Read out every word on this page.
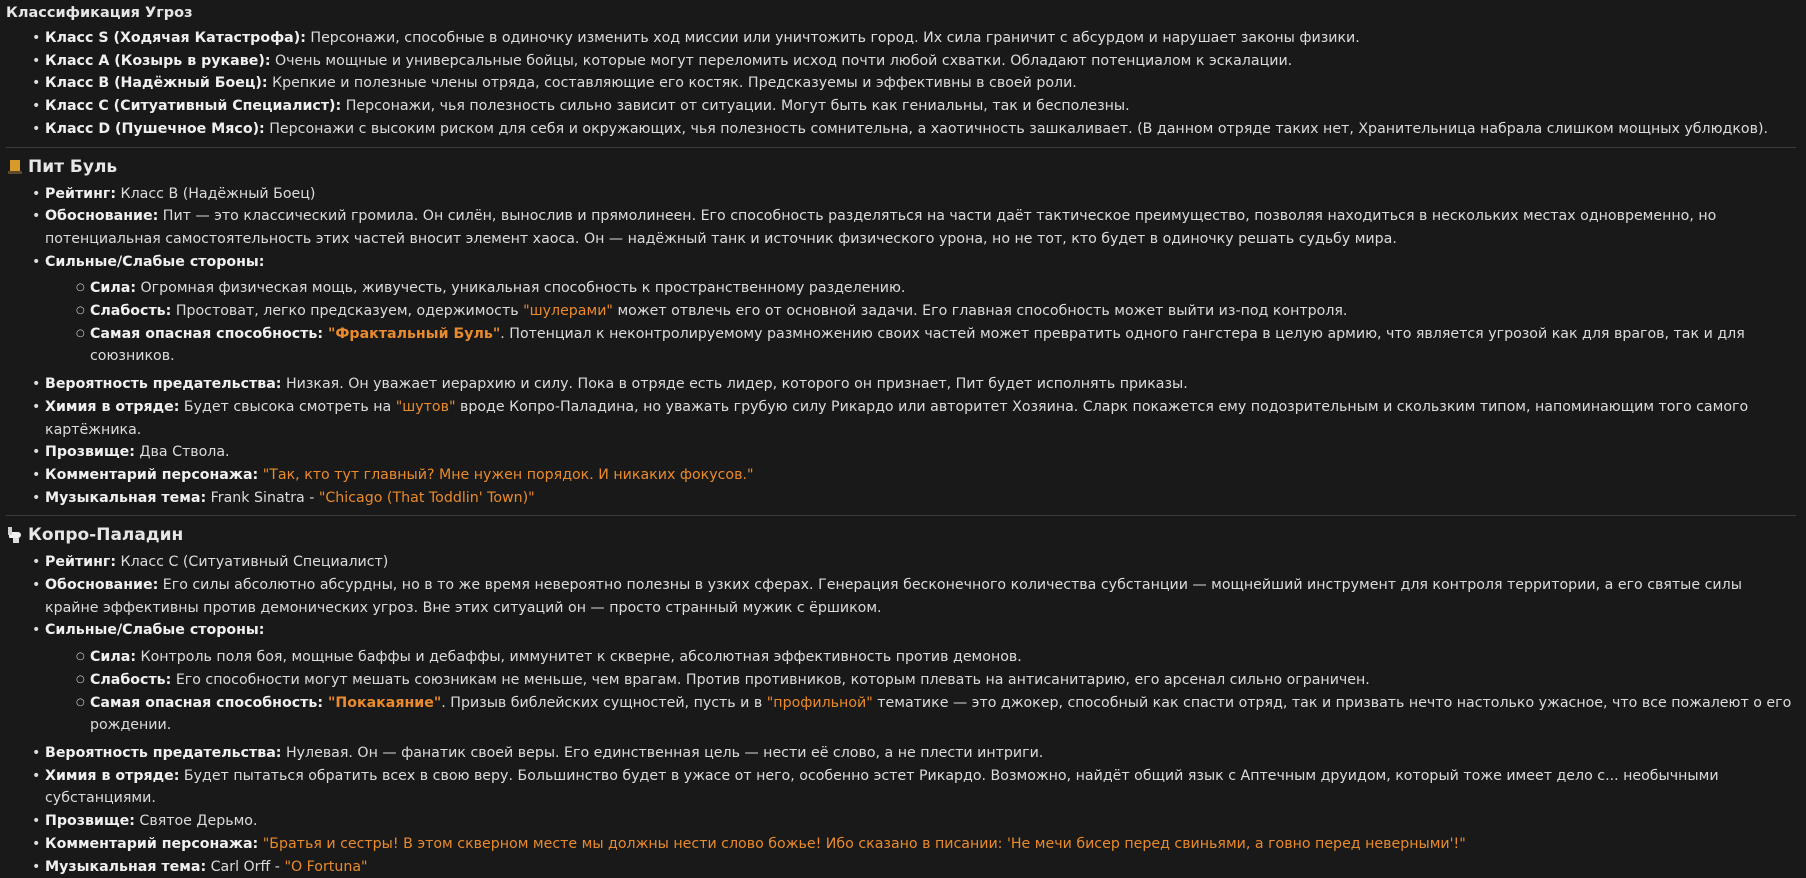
Классификация Угроз
• Класс S (Ходячая Катастрофа): Персонажи, способные в одиночку изменить ход миссии или уничтожить город. Их сила граничит с абсурдом и нарушает законы физики.
• Класс A (Козырь в рукаве): Очень мощные и универсальные бойцы, которые могут переломить исход почти любой схватки. Обладают потенциалом к эскалации.
• Класс B (Надёжный Боец): Крепкие и полезные члены отряда, составляющие его костяк. Предсказуемы и эффективны в своей роли.
• Класс C (Ситуативный Специалист): Персонажи, чья полезность сильно зависит от ситуации. Могут быть как гениальны, так и бесполезны.
• Класс D (Пушечное Мясо): Персонажи с высоким риском для себя и окружающих, чья полезность сомнительна, а хаотичность зашкаливает. (В данном отряде таких нет, Хранительница набрала слишком мощных ублюдков).
Пит Буль
• Рейтинг: Класс B (Надёжный Боец)
• Обоснование: Пит — это классический громила. Он силён, вынослив и прямолинеен. Его способность разделяться на части даёт тактическое преимущество, позволяя находиться в нескольких местах одновременно, но потенциальная самостоятельность этих частей вносит элемент хаоса. Он — надёжный танк и источник физического урона, но не тот, кто будет в одиночку решать судьбу мира.
• Сильные/Слабые стороны:
○ Сила: Огромная физическая мощь, живучесть, уникальная способность к пространственному разделению.
○ Слабость: Простоват, легко предсказуем, одержимость "шулерами" может отвлечь его от основной задачи. Его главная способность может выйти из-под контроля.
○ Самая опасная способность: "Фрактальный Буль". Потенциал к неконтролируемому размножению своих частей может превратить одного гангстера в целую армию, что является угрозой как для врагов, так и для союзников.
• Вероятность предательства: Низкая. Он уважает иерархию и силу. Пока в отряде есть лидер, которого он признает, Пит будет исполнять приказы.
• Химия в отряде: Будет свысока смотреть на "шутов" вроде Копро-Паладина, но уважать грубую силу Рикардо или авторитет Хозяина. Сларк покажется ему подозрительным и скользким типом, напоминающим того самого картёжника.
• Прозвище: Два Ствола.
• Комментарий персонажа: "Так, кто тут главный? Мне нужен порядок. И никаких фокусов."
• Музыкальная тема: Frank Sinatra - "Chicago (That Toddlin' Town)"
Копро-Паладин
• Рейтинг: Класс C (Ситуативный Специалист)
• Обоснование: Его силы абсолютно абсурдны, но в то же время невероятно полезны в узких сферах. Генерация бесконечного количества субстанции — мощнейший инструмент для контроля территории, а его святые силы крайне эффективны против демонических угроз. Вне этих ситуаций он — просто странный мужик с ёршиком.
• Сильные/Слабые стороны:
○ Сила: Контроль поля боя, мощные баффы и дебаффы, иммунитет к скверне, абсолютная эффективность против демонов.
○ Слабость: Его способности могут мешать союзникам не меньше, чем врагам. Против противников, которым плевать на антисанитарию, его арсенал сильно ограничен.
○ Самая опасная способность: "Покакаяние". Призыв библейских сущностей, пусть и в "профильной" тематике — это джокер, способный как спасти отряд, так и призвать нечто настолько ужасное, что все пожалеют о его рождении.
• Вероятность предательства: Нулевая. Он — фанатик своей веры. Его единственная цель — нести её слово, а не плести интриги.
• Химия в отряде: Будет пытаться обратить всех в свою веру. Большинство будет в ужасе от него, особенно эстет Рикардо. Возможно, найдёт общий язык с Аптечным друидом, который тоже имеет дело с... необычными субстанциями.
• Прозвище: Святое Дерьмо.
• Комментарий персонажа: "Братья и сестры! В этом скверном месте мы должны нести слово божье! Ибо сказано в писании: 'Не мечи бисер перед свиньями, а говно перед неверными'!"
• Музыкальная тема: Carl Orff - "O Fortuna"
